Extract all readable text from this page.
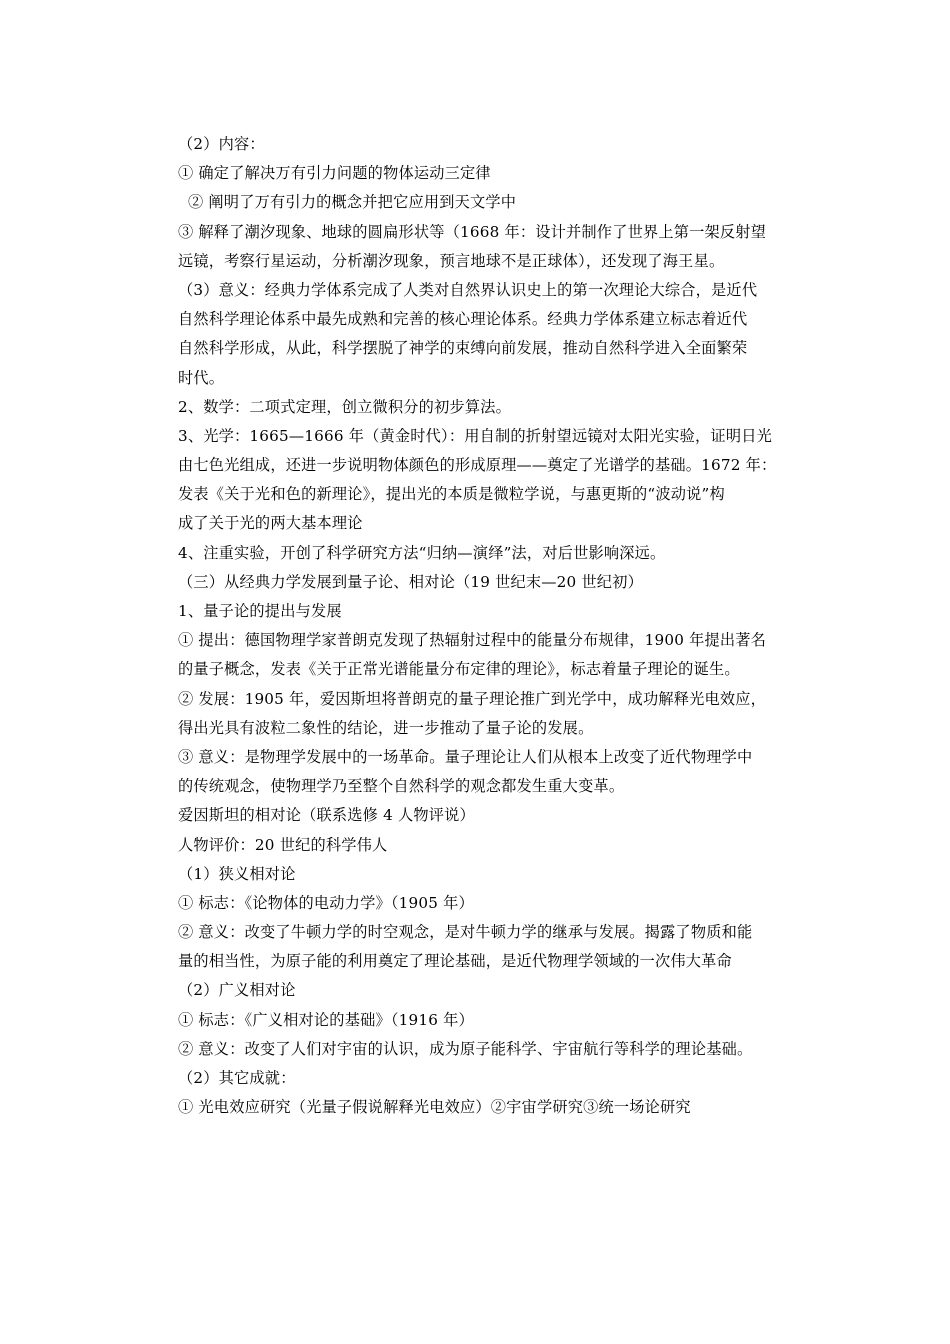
（2）内容：
① 确定了解决万有引力问题的物体运动三定律
② 阐明了万有引力的概念并把它应用到天文学中
③ 解释了潮汐现象、地球的圆扁形状等（1668 年：设计并制作了世界上第一架反射望
远镜，考察行星运动，分析潮汐现象，预言地球不是正球体），还发现了海王星。
（3）意义：经典力学体系完成了人类对自然界认识史上的第一次理论大综合，是近代
自然科学理论体系中最先成熟和完善的核心理论体系。经典力学体系建立标志着近代
自然科学形成，从此，科学摆脱了神学的束缚向前发展，推动自然科学进入全面繁荣
时代。
2、数学：二项式定理，创立微积分的初步算法。
3、光学：1665—1666 年（黄金时代）：用自制的折射望远镜对太阳光实验，证明日光
由七色光组成，还进一步说明物体颜色的形成原理——奠定了光谱学的基础。1672 年：
发表《关于光和色的新理论》，提出光的本质是微粒学说，与惠更斯的“波动说”构
成了关于光的两大基本理论
4、注重实验，开创了科学研究方法“归纳—演绎”法，对后世影响深远。
（三）从经典力学发展到量子论、相对论（19 世纪末—20 世纪初）
1、量子论的提出与发展
① 提出：德国物理学家普朗克发现了热辐射过程中的能量分布规律，1900 年提出著名
的量子概念，发表《关于正常光谱能量分布定律的理论》，标志着量子理论的诞生。
② 发展：1905 年，爱因斯坦将普朗克的量子理论推广到光学中，成功解释光电效应，
得出光具有波粒二象性的结论，进一步推动了量子论的发展。
③ 意义：是物理学发展中的一场革命。量子理论让人们从根本上改变了近代物理学中
的传统观念，使物理学乃至整个自然科学的观念都发生重大变革。
爱因斯坦的相对论（联系选修 4 人物评说）
人物评价：20 世纪的科学伟人
（1）狭义相对论
① 标志：《论物体的电动力学》（1905 年）
② 意义：改变了牛顿力学的时空观念，是对牛顿力学的继承与发展。揭露了物质和能
量的相当性，为原子能的利用奠定了理论基础，是近代物理学领域的一次伟大革命
（2）广义相对论
① 标志：《广义相对论的基础》（1916 年）
② 意义：改变了人们对宇宙的认识，成为原子能科学、宇宙航行等科学的理论基础。
（2）其它成就：
① 光电效应研究（光量子假说解释光电效应）②宇宙学研究③统一场论研究
